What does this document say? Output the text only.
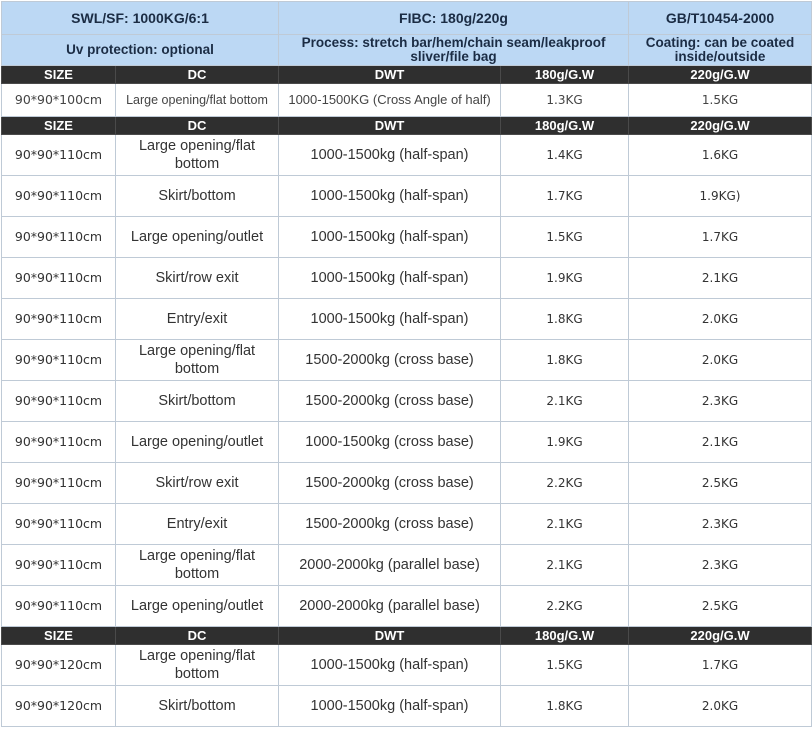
SWL/SF: 1000KG/6:1		FIBC: 180g/220g		GB/T10454-2000
Uv protection: optional		Process: stretch bar/hem/chain seam/leakproof sliver/file bag		Coating: can be coated inside/outside
SIZE	DC	DWT	180g/G.W	220g/G.W
90*90*100cm	Large opening/flat bottom	1000-1500KG (Cross Angle of half)	1.3KG	1.5KG
SIZE	DC	DWT	180g/G.W	220g/G.W
90*90*110cm	Large opening/flat bottom	1000-1500kg (half-span)	1.4KG	1.6KG
90*90*110cm	Skirt/bottom	1000-1500kg (half-span)	1.7KG	1.9KG)
90*90*110cm	Large opening/outlet	1000-1500kg (half-span)	1.5KG	1.7KG
90*90*110cm	Skirt/row exit	1000-1500kg (half-span)	1.9KG	2.1KG
90*90*110cm	Entry/exit	1000-1500kg (half-span)	1.8KG	2.0KG
90*90*110cm	Large opening/flat bottom	1500-2000kg (cross base)	1.8KG	2.0KG
90*90*110cm	Skirt/bottom	1500-2000kg (cross base)	2.1KG	2.3KG
90*90*110cm	Large opening/outlet	1000-1500kg (cross base)	1.9KG	2.1KG
90*90*110cm	Skirt/row exit	1500-2000kg (cross base)	2.2KG	2.5KG
90*90*110cm	Entry/exit	1500-2000kg (cross base)	2.1KG	2.3KG
90*90*110cm	Large opening/flat bottom	2000-2000kg (parallel base)	2.1KG	2.3KG
90*90*110cm	Large opening/outlet	2000-2000kg (parallel base)	2.2KG	2.5KG
SIZE	DC	DWT	180g/G.W	220g/G.W
90*90*120cm	Large opening/flat bottom	1000-1500kg (half-span)	1.5KG	1.7KG
90*90*120cm	Skirt/bottom	1000-1500kg (half-span)	1.8KG	2.0KG
